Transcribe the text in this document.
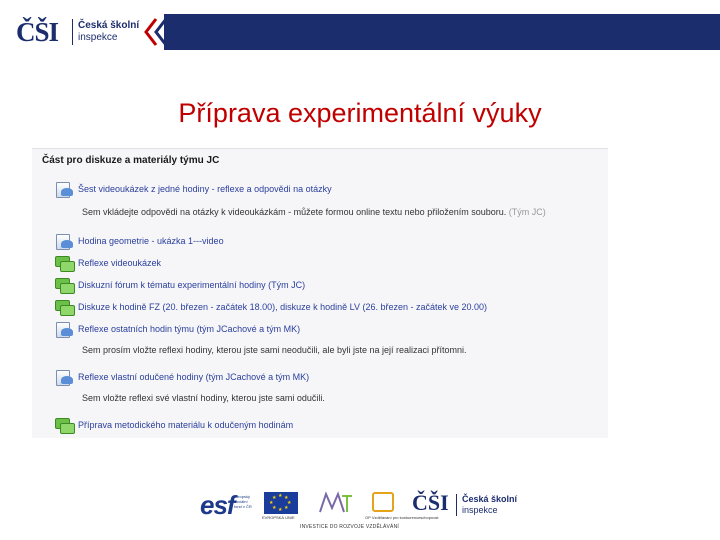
ČŠI Česká školní
inspekce
Příprava experimentální výuky
Část pro diskuze a materiály týmu JC
Šest videoukázek z jedné hodiny - reflexe a odpovědi na otázky
Sem vkládejte odpovědi na otázky k videoukázkám - můžete formou online textu nebo přiložením souboru. (Tým JC)
Hodina geometrie - ukázka 1---video
Reflexe videoukázek
Diskuzní fórum k tématu experimentální hodiny (Tým JC)
Diskuze k hodině FZ (20. březen - začátek 18.00), diskuze k hodině LV (26. březen - začátek ve 20.00)
Reflexe ostatních hodin týmu (tým JCachové a tým MK)
Sem prosím vložte reflexi hodiny, kterou jste sami neodučili, ale byli jste na její realizaci přítomni.
Reflexe vlastní odučené hodiny (tým JCachové a tým MK)
Sem vložte reflexi své vlastní hodiny, kterou jste sami odučili.
Příprava metodického materiálu k odučeným hodinám
esf evropský
sociální
fond v ČR
★ ★
★
★
★
★
★
★
EVROPSKÁ UNIE	OP Vzdělávání pro konkurenceschopnost
ČŠI Česká školní
inspekce
INVESTICE DO ROZVOJE VZDĚLÁVÁNÍ
